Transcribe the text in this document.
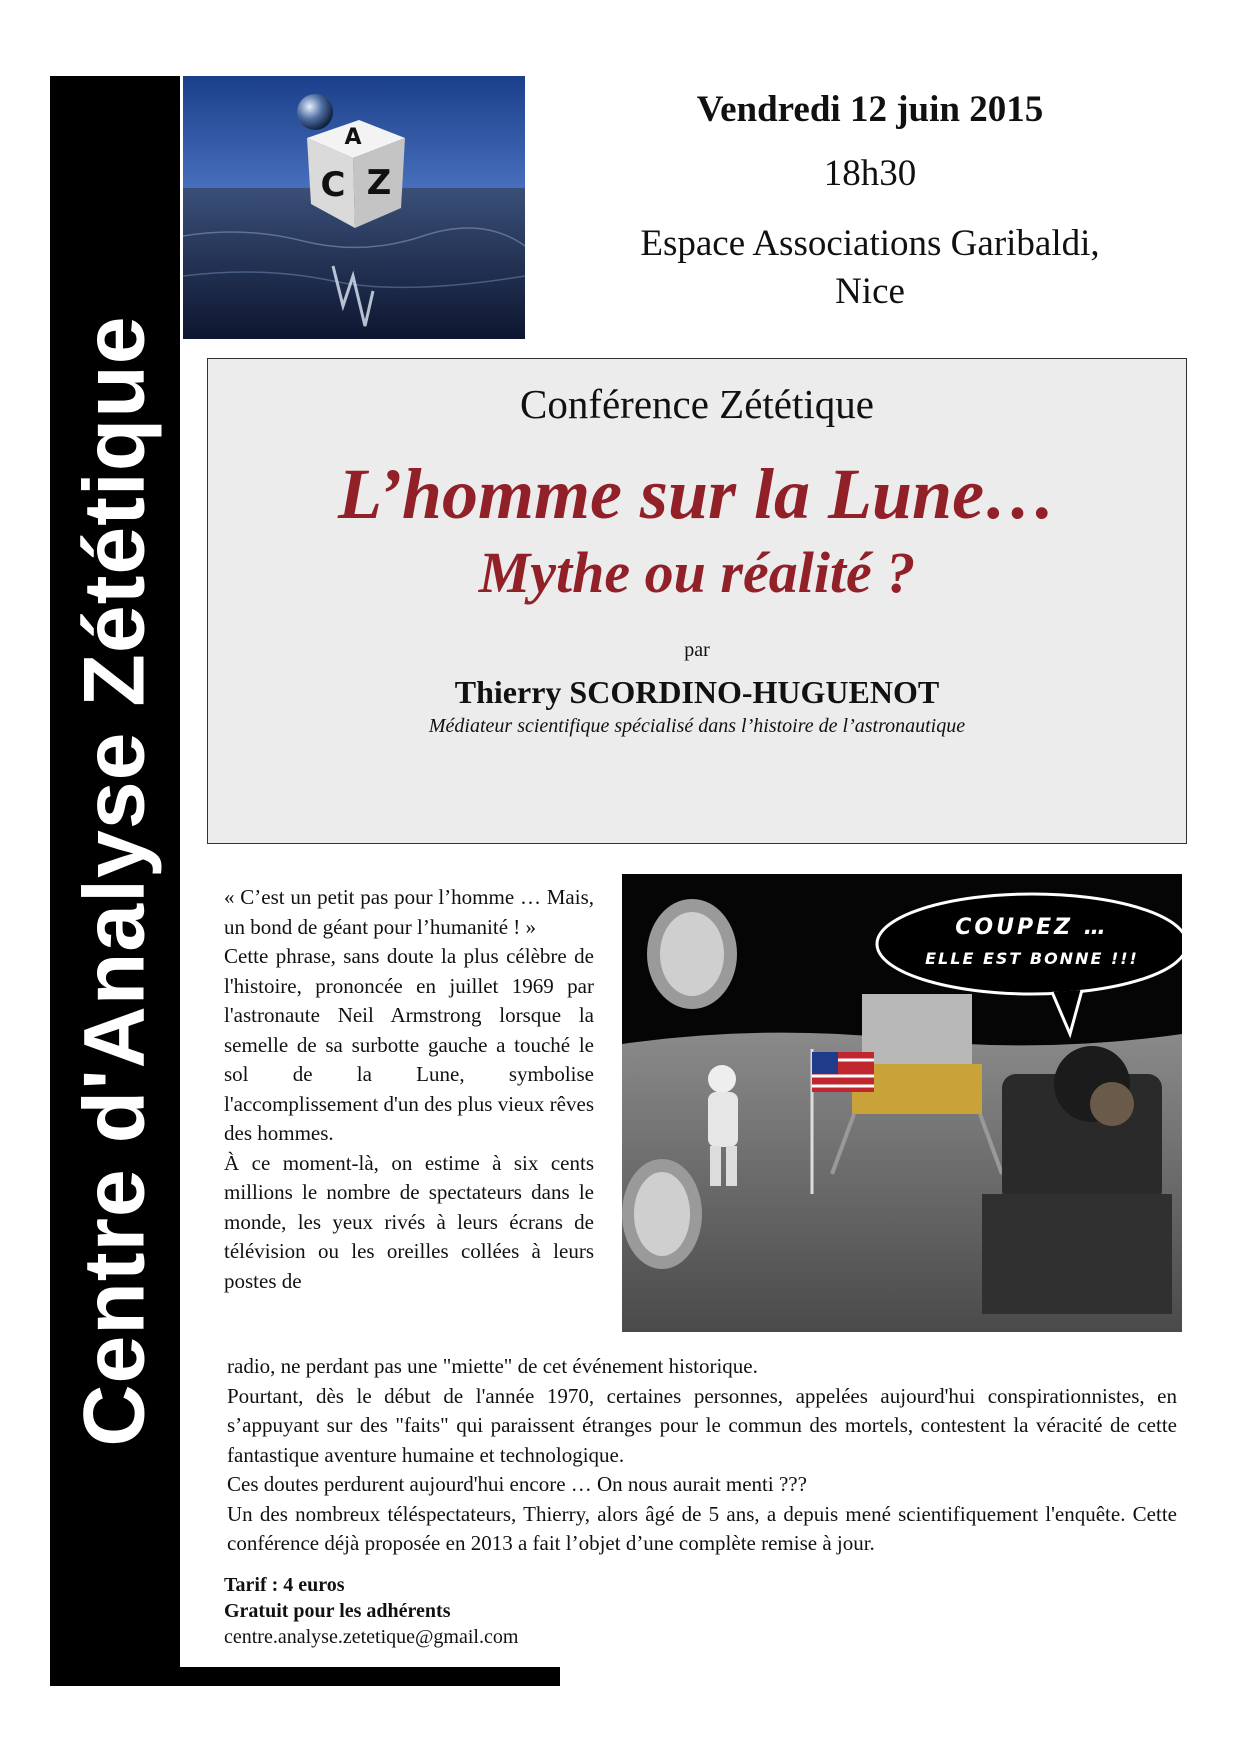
Centre d'Analyse Zététique
A
C Z
Vendredi 12 juin 2015
18h30
Espace Associations Garibaldi,
Nice
Conférence Zététique
L’homme sur la Lune…
Mythe ou réalité ?
par
Thierry SCORDINO-HUGUENOT
Médiateur scientifique spécialisé dans l’histoire de l’astronautique
COUPEZ …
ELLE EST BONNE !!!

« C’est un petit pas pour l’homme … Mais, un bond de géant pour l’humanité ! »

Cette phrase, sans doute la plus célèbre de l'histoire, prononcée en juillet 1969 par l'astronaute Neil Armstrong lorsque la semelle de sa surbotte gauche a touché le sol de la Lune, symbolise l'accomplissement d'un des plus vieux rêves des hommes.

À ce moment-là, on estime à six cents millions le nombre de spectateurs dans le monde, les yeux rivés à leurs écrans de télévision ou les oreilles collées à leurs postes de

radio, ne perdant pas une "miette" de cet événement historique.

Pourtant, dès le début de l'année 1970, certaines personnes, appelées aujourd'hui conspirationnistes, en s’appuyant sur des "faits" qui paraissent étranges pour le commun des mortels, contestent la véracité de cette fantastique aventure humaine et technologique.

Ces doutes perdurent aujourd'hui encore … On nous aurait menti ???

Un des nombreux téléspectateurs, Thierry, alors âgé de 5 ans, a depuis mené scientifiquement l'enquête. Cette conférence déjà proposée en 2013 a fait l’objet d’une complète remise à jour.

Tarif : 4 euros
Gratuit pour les adhérents
centre.analyse.zetetique@gmail.com
